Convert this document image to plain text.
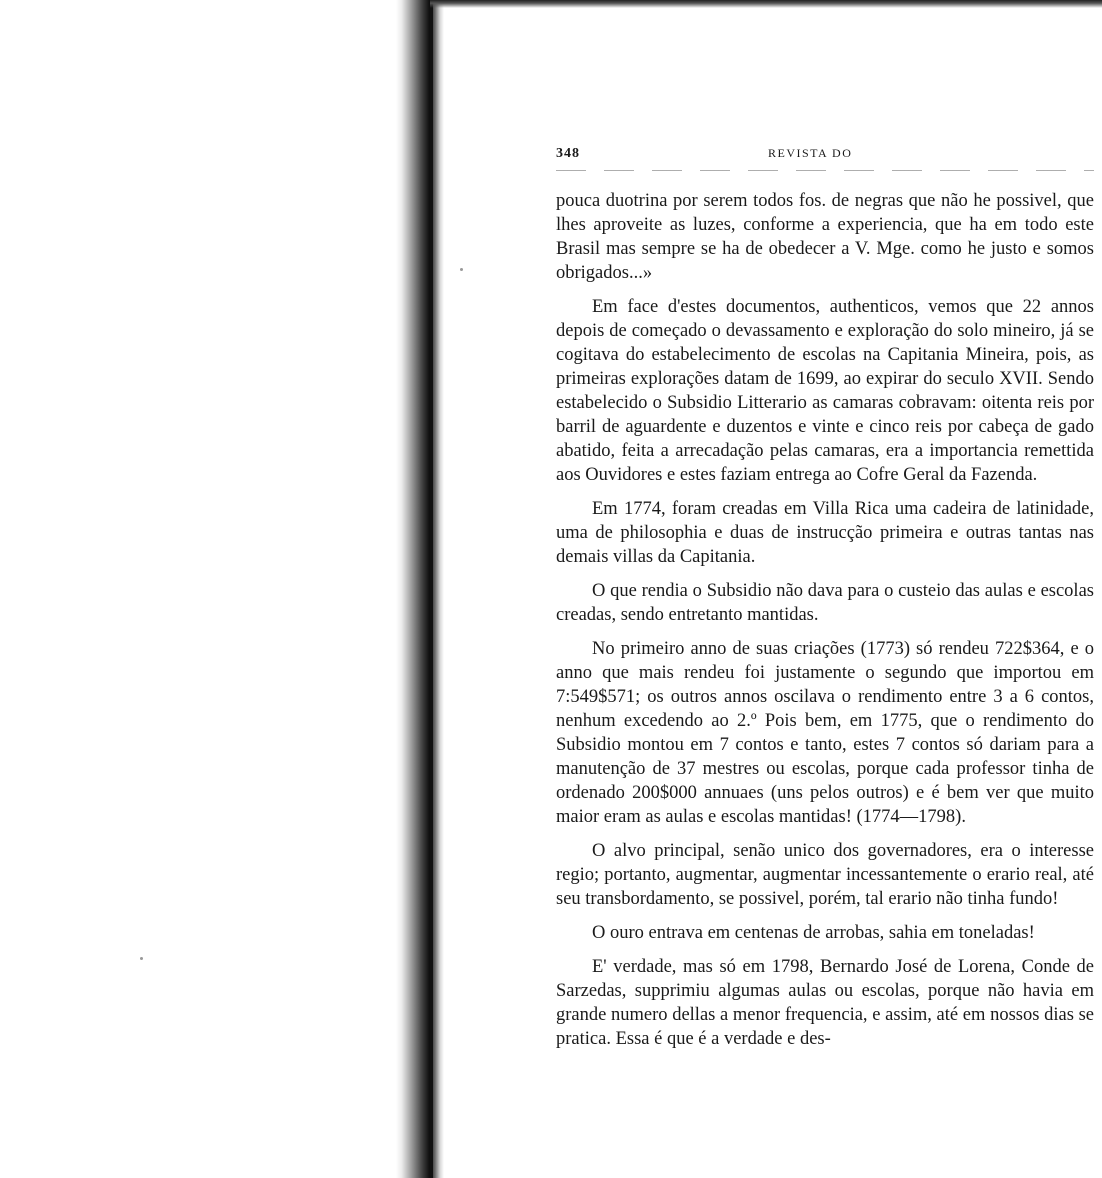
348	REVISTA DO

pouca duotrina por serem todos fos. de negras que não he possivel, que lhes aproveite as luzes, conforme a experiencia, que ha em todo este Brasil mas sempre se ha de obedecer a V. Mge. como he justo e somos obrigados...»

Em face d'estes documentos, authenticos, vemos que 22 annos depois de começado o devassamento e exploração do solo mineiro, já se cogitava do estabelecimento de escolas na Capitania Mineira, pois, as primeiras explorações datam de 1699, ao expirar do seculo XVII. Sendo estabelecido o Subsidio Litterario as camaras cobravam: oitenta reis por barril de aguardente e duzentos e vinte e cinco reis por cabeça de gado abatido, feita a arrecadação pelas camaras, era a importancia remettida aos Ouvidores e estes faziam entrega ao Cofre Geral da Fazenda.

Em 1774, foram creadas em Villa Rica uma cadeira de latinidade, uma de philosophia e duas de instrucção primeira e outras tantas nas demais villas da Capitania.

O que rendia o Subsidio não dava para o custeio das aulas e escolas creadas, sendo entretanto mantidas.

No primeiro anno de suas criações (1773) só rendeu 722$364, e o anno que mais rendeu foi justamente o segundo que importou em 7:549$571; os outros annos oscilava o rendimento entre 3 a 6 contos, nenhum excedendo ao 2.º Pois bem, em 1775, que o rendimento do Subsidio montou em 7 contos e tanto, estes 7 contos só dariam para a manutenção de 37 mestres ou escolas, porque cada professor tinha de ordenado 200$000 annuaes (uns pelos outros) e é bem ver que muito maior eram as aulas e escolas mantidas! (1774—1798).

O alvo principal, senão unico dos governadores, era o interesse regio; portanto, augmentar, augmentar incessantemente o erario real, até seu transbordamento, se possivel, porém, tal erario não tinha fundo!

O ouro entrava em centenas de arrobas, sahia em toneladas!

E' verdade, mas só em 1798, Bernardo José de Lorena, Conde de Sarzedas, supprimiu algumas aulas ou escolas, porque não havia em grande numero dellas a menor frequencia, e assim, até em nossos dias se pratica. Essa é que é a verdade e des-
